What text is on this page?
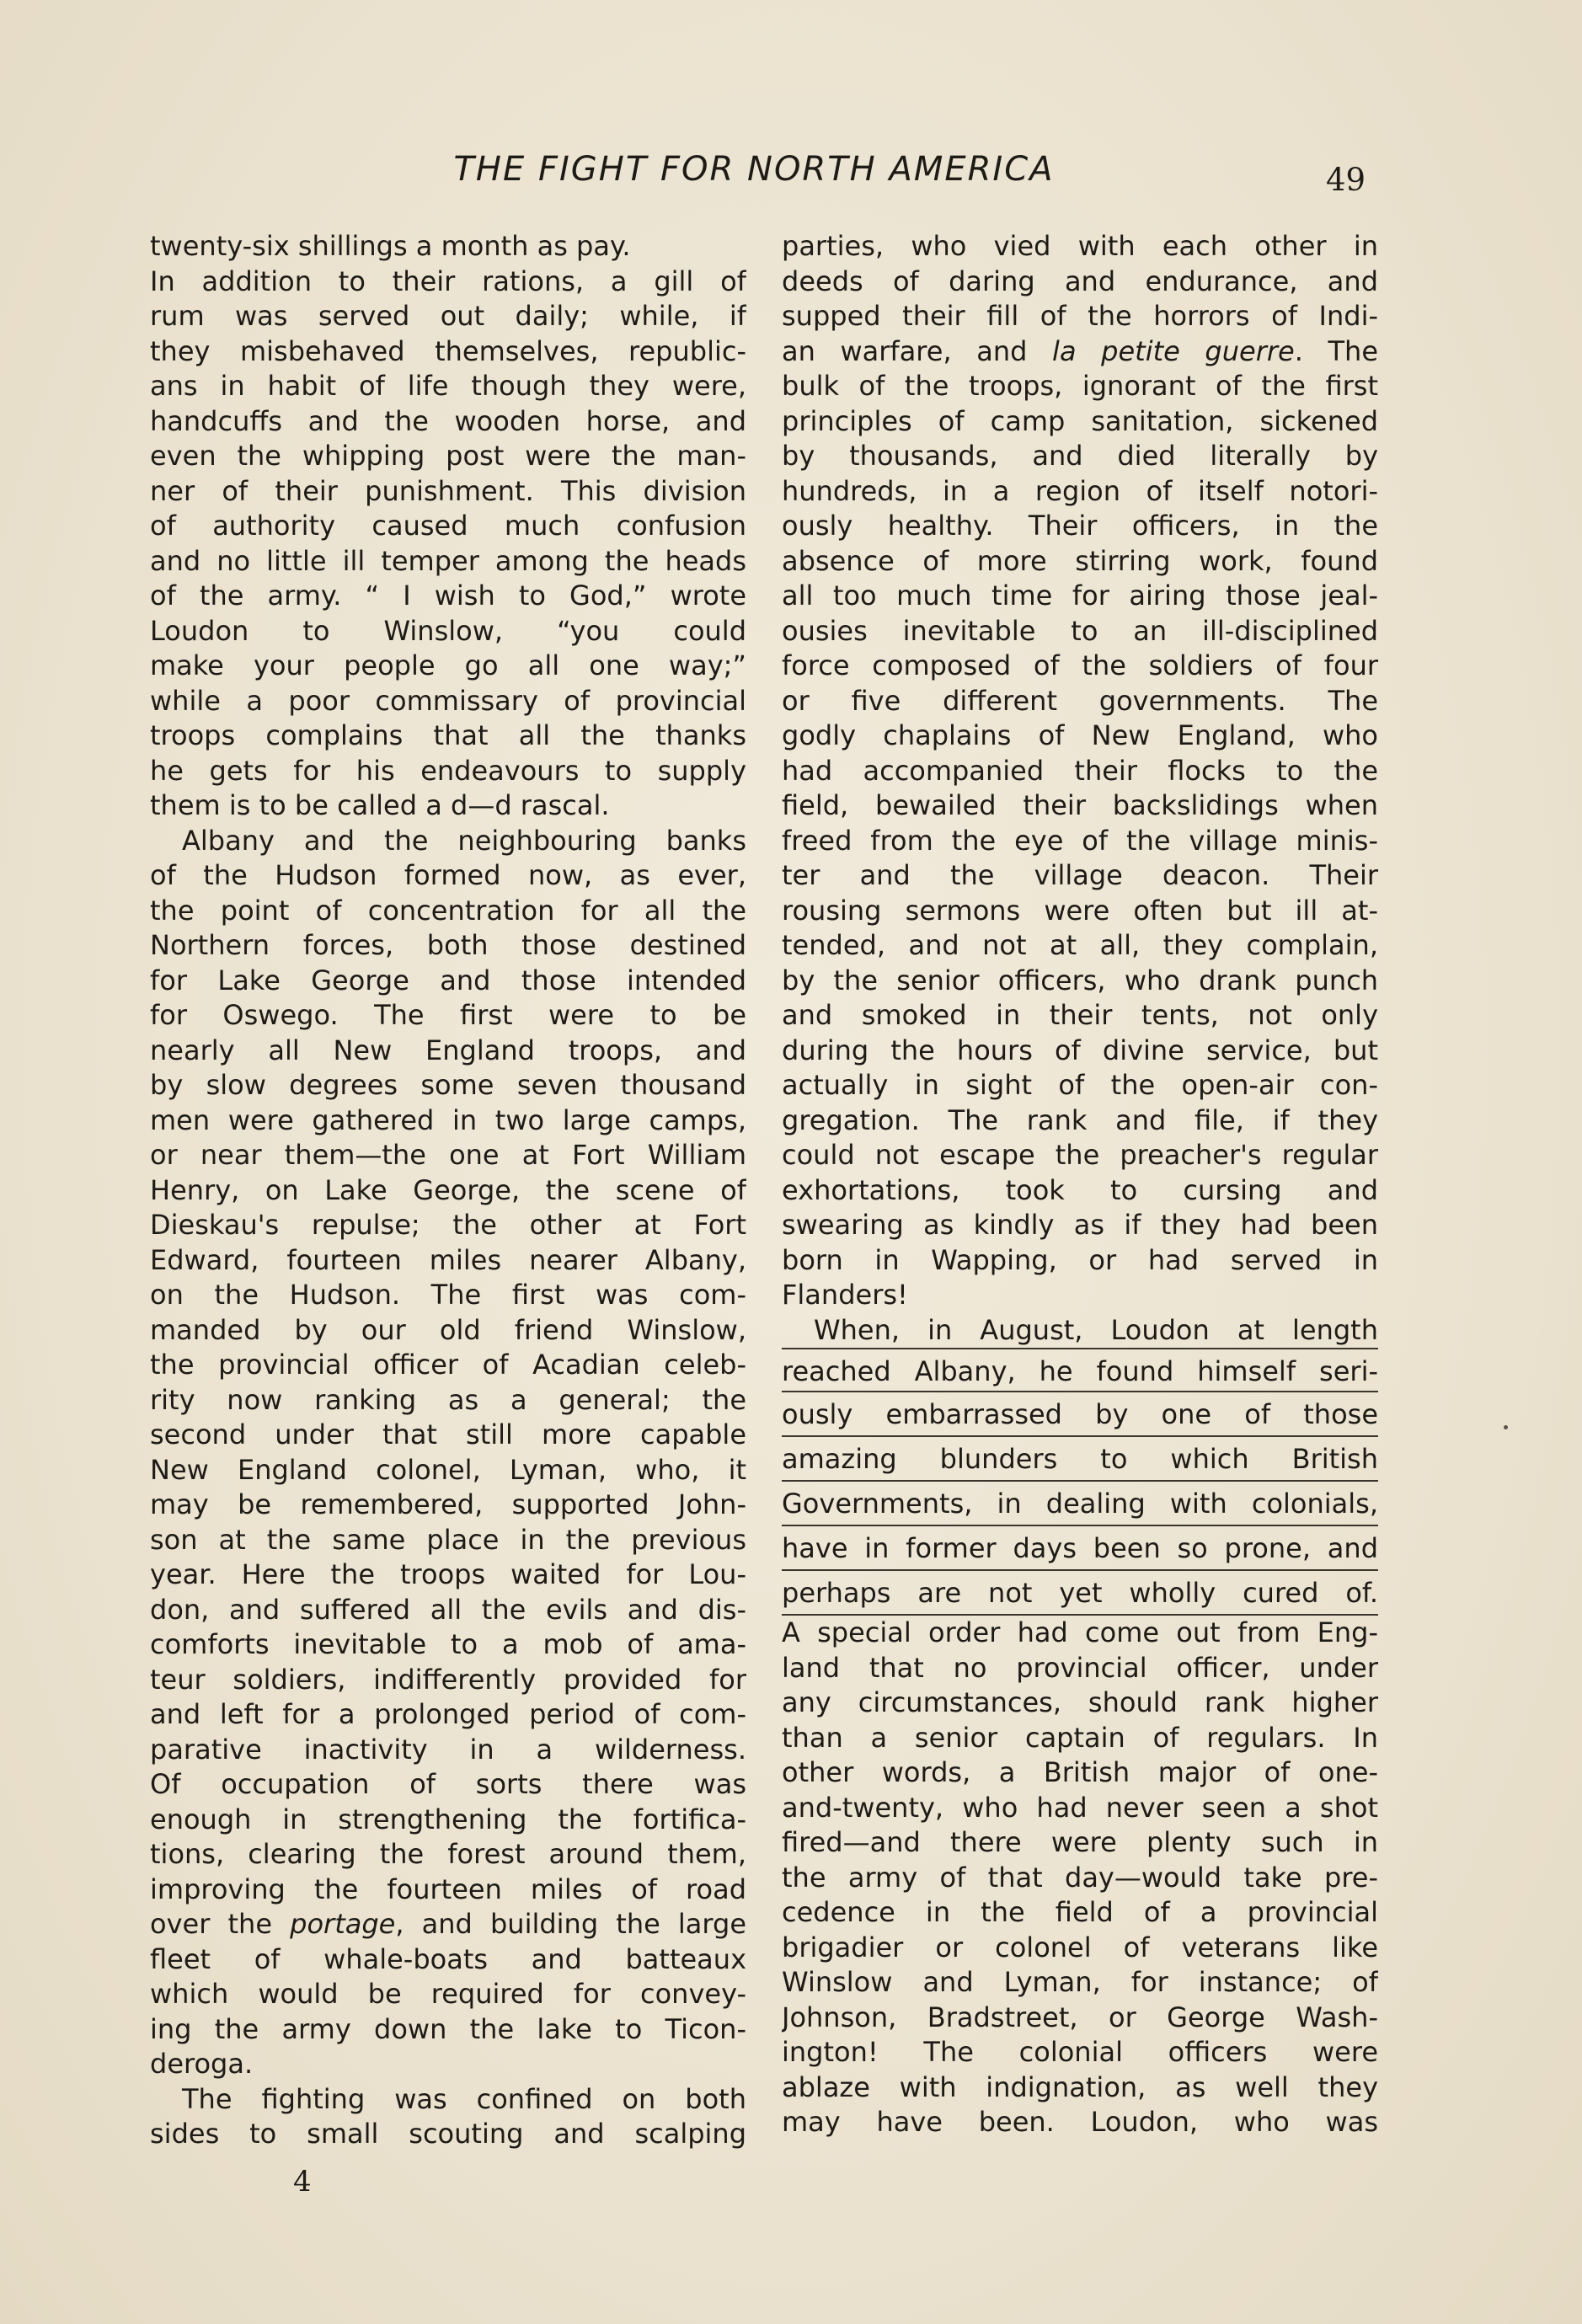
THE FIGHT FOR NORTH AMERICA	49
twenty-six shillings a month as pay.
In addition to their rations, a gill of
rum was served out daily; while, if
they misbehaved themselves, republic-
ans in habit of life though they were,
handcuffs and the wooden horse, and
even the whipping post were the man-
ner of their punishment. This division
of authority caused much confusion
and no little ill temper among the heads
of the army. “ I wish to God,” wrote
Loudon to Winslow, “you could
make your people go all one way;”
while a poor commissary of provincial
troops complains that all the thanks
he gets for his endeavours to supply
them is to be called a d—d rascal.
Albany and the neighbouring banks
of the Hudson formed now, as ever,
the point of concentration for all the
Northern forces, both those destined
for Lake George and those intended
for Oswego. The first were to be
nearly all New England troops, and
by slow degrees some seven thousand
men were gathered in two large camps,
or near them—the one at Fort William
Henry, on Lake George, the scene of
Dieskau's repulse; the other at Fort
Edward, fourteen miles nearer Albany,
on the Hudson. The first was com-
manded by our old friend Winslow,
the provincial officer of Acadian celeb-
rity now ranking as a general; the
second under that still more capable
New England colonel, Lyman, who, it
may be remembered, supported John-
son at the same place in the previous
year. Here the troops waited for Lou-
don, and suffered all the evils and dis-
comforts inevitable to a mob of ama-
teur soldiers, indifferently provided for
and left for a prolonged period of com-
parative inactivity in a wilderness.
Of occupation of sorts there was
enough in strengthening the fortifica-
tions, clearing the forest around them,
improving the fourteen miles of road
over the portage, and building the large
fleet of whale-boats and batteaux
which would be required for convey-
ing the army down the lake to Ticon-
deroga.
The fighting was confined on both
sides to small scouting and scalping
parties, who vied with each other in
deeds of daring and endurance, and
supped their fill of the horrors of Indi-
an warfare, and la petite guerre. The
bulk of the troops, ignorant of the first
principles of camp sanitation, sickened
by thousands, and died literally by
hundreds, in a region of itself notori-
ously healthy. Their officers, in the
absence of more stirring work, found
all too much time for airing those jeal-
ousies inevitable to an ill-disciplined
force composed of the soldiers of four
or five different governments. The
godly chaplains of New England, who
had accompanied their flocks to the
field, bewailed their backslidings when
freed from the eye of the village minis-
ter and the village deacon. Their
rousing sermons were often but ill at-
tended, and not at all, they complain,
by the senior officers, who drank punch
and smoked in their tents, not only
during the hours of divine service, but
actually in sight of the open-air con-
gregation. The rank and file, if they
could not escape the preacher's regular
exhortations, took to cursing and
swearing as kindly as if they had been
born in Wapping, or had served in
Flanders!
When, in August, Loudon at length
reached Albany, he found himself seri-
ously embarrassed by one of those
amazing blunders to which British
Governments, in dealing with colonials,
have in former days been so prone, and
perhaps are not yet wholly cured of.
A special order had come out from Eng-
land that no provincial officer, under
any circumstances, should rank higher
than a senior captain of regulars. In
other words, a British major of one-
and-twenty, who had never seen a shot
fired—and there were plenty such in
the army of that day—would take pre-
cedence in the field of a provincial
brigadier or colonel of veterans like
Winslow and Lyman, for instance; of
Johnson, Bradstreet, or George Wash-
ington! The colonial officers were
ablaze with indignation, as well they
may have been. Loudon, who was
4
